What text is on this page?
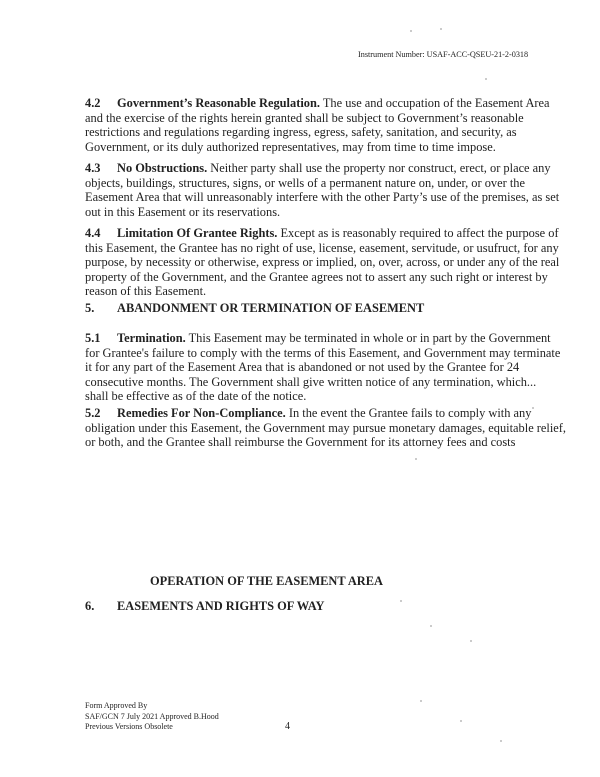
Instrument Number: USAF-ACC-QSEU-21-2-0318
4.2 Government’s Reasonable Regulation. The use and occupation of the Easement Area
and the exercise of the rights herein granted shall be subject to Government’s reasonable
restrictions and regulations regarding ingress, egress, safety, sanitation, and security, as
Government, or its duly authorized representatives, may from time to time impose.
4.3 No Obstructions. Neither party shall use the property nor construct, erect, or place any
objects, buildings, structures, signs, or wells of a permanent nature on, under, or over the
Easement Area that will unreasonably interfere with the other Party’s use of the premises, as set
out in this Easement or its reservations.
4.4 Limitation Of Grantee Rights. Except as is reasonably required to affect the purpose of
this Easement, the Grantee has no right of use, license, easement, servitude, or usufruct, for any
purpose, by necessity or otherwise, express or implied, on, over, across, or under any of the real
property of the Government, and the Grantee agrees not to assert any such right or interest by
reason of this Easement.
5. ABANDONMENT OR TERMINATION OF EASEMENT
5.1 Termination. This Easement may be terminated in whole or in part by the Government
for Grantee's failure to comply with the terms of this Easement, and Government may terminate
it for any part of the Easement Area that is abandoned or not used by the Grantee for 24
consecutive months. The Government shall give written notice of any termination, which...
shall be effective as of the date of the notice.
5.2 Remedies For Non-Compliance. In the event the Grantee fails to comply with any
obligation under this Easement, the Government may pursue monetary damages, equitable relief,
or both, and the Grantee shall reimburse the Government for its attorney fees and costs
OPERATION OF THE EASEMENT AREA
6. EASEMENTS AND RIGHTS OF WAY
Form Approved By
SAF/GCN 7 July 2021 Approved B.Hood
Previous Versions Obsolete	4
